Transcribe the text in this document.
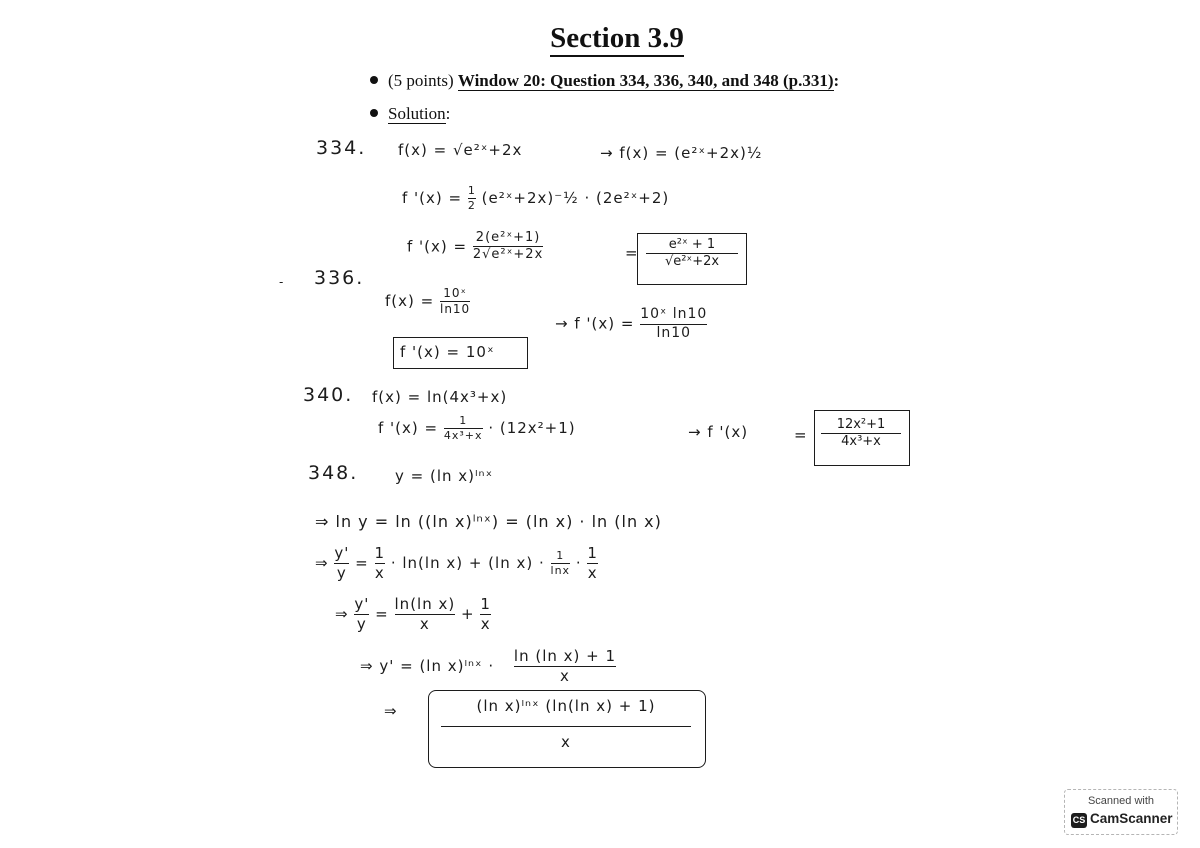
Section 3.9
(5 points) Window 20: Question 334, 336, 340, and 348 (p.331):
Solution:
334. f(x) = √e²ˣ+2x	→ f(x) = (e²ˣ+2x)½
f '$(x) = \frac{1}{2}$ (e²ˣ+2x)⁻½ · (2e²ˣ+2)
f '$(x) = \frac{\text{2(e²ˣ+1)}}{\text{2√e²ˣ+2x}}$	= $\frac{\text{e²ˣ + 1}}{\text{√e²ˣ+2x}}$
- 336.
$f(x) = \frac{\text{10ˣ}}{\ln 10}$
→ f '$(x) = \frac{\text{10ˣ ln10}}{\ln 10}$
f '(x) = 10ˣ
340. f(x) = ln(4x³+x)
f '$(x) = \frac{1}{\text{4x³+x}} \cdot (12x^2+1)$	→ f '(x)	= $\frac{\text{12x²+1}}{\text{4x³+x}}$
348. y = (ln x)ˡⁿˣ
⇒ ln y = ln ((ln x)ˡⁿˣ) = (ln x) · ln (ln x)
⇒ $\frac{y'}{y} = \frac{1}{x} \cdot \ln(\ln$ x) + (ln $x) \cdot \frac{1}{\ln x} \cdot \frac{1}{x}$
⇒ $\frac{y'}{y} = \frac{\text{ln(ln x)}}{x} + \frac{1}{x}$
⇒ y' = (ln x)ˡⁿˣ · $\frac{\text{ln (ln x) + 1}}{x}$
⇒	(ln x)ˡⁿˣ (ln(ln x) + 1)
x
Scanned with
CS CamScanner
